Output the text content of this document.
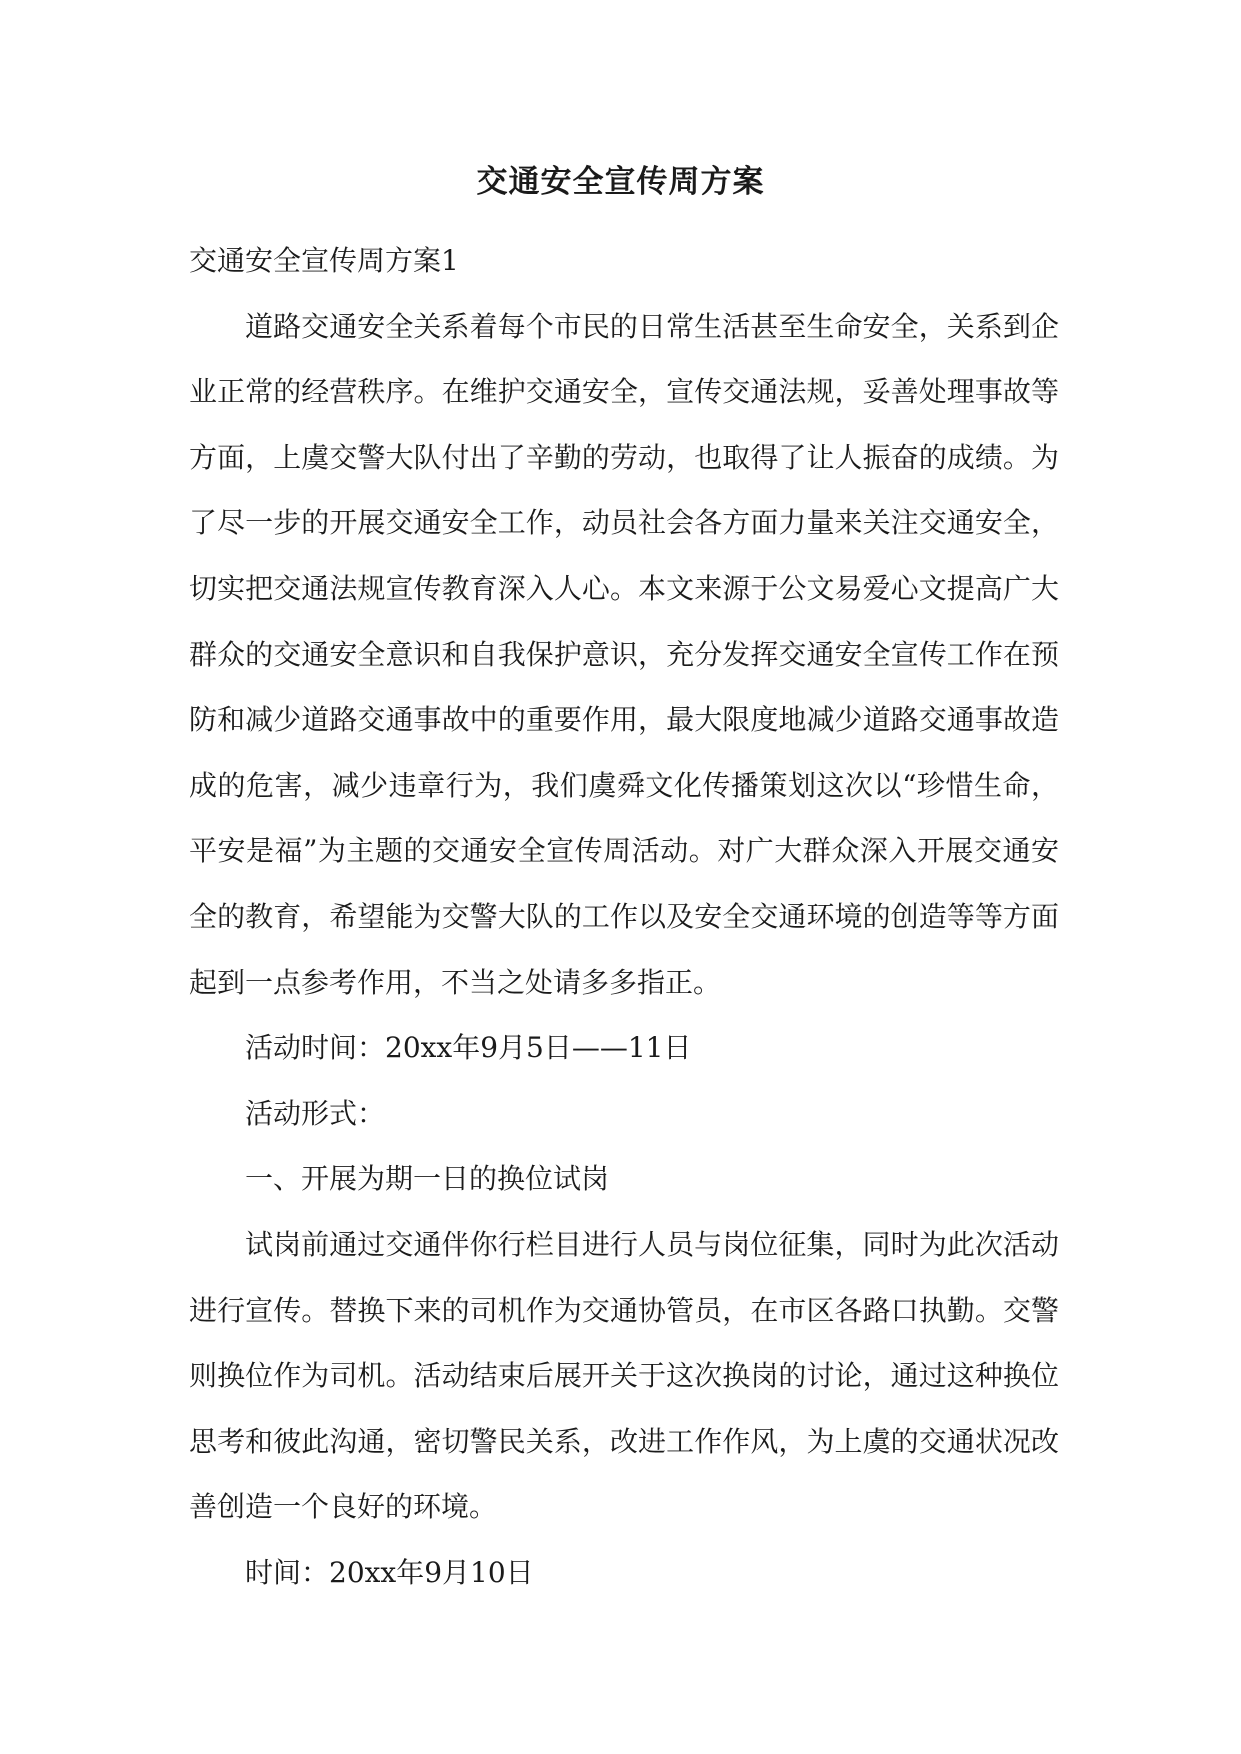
交通安全宣传周方案

交通安全宣传周方案1

道路交通安全关系着每个市民的日常生活甚至生命安全，关系到企业正常的经营秩序。在维护交通安全，宣传交通法规，妥善处理事故等方面，上虞交警大队付出了辛勤的劳动，也取得了让人振奋的成绩。为了尽一步的开展交通安全工作，动员社会各方面力量来关注交通安全，切实把交通法规宣传教育深入人心。本文来源于公文易爱心文提高广大群众的交通安全意识和自我保护意识，充分发挥交通安全宣传工作在预防和减少道路交通事故中的重要作用，最大限度地减少道路交通事故造成的危害，减少违章行为，我们虞舜文化传播策划这次以“珍惜生命，平安是福”为主题的交通安全宣传周活动。对广大群众深入开展交通安全的教育，希望能为交警大队的工作以及安全交通环境的创造等等方面起到一点参考作用，不当之处请多多指正。

活动时间：20xx年9月5日——11日

活动形式：

一、开展为期一日的换位试岗

试岗前通过交通伴你行栏目进行人员与岗位征集，同时为此次活动进行宣传。替换下来的司机作为交通协管员，在市区各路口执勤。交警则换位作为司机。活动结束后展开关于这次换岗的讨论，通过这种换位思考和彼此沟通，密切警民关系，改进工作作风，为上虞的交通状况改善创造一个良好的环境。

时间：20xx年9月10日
